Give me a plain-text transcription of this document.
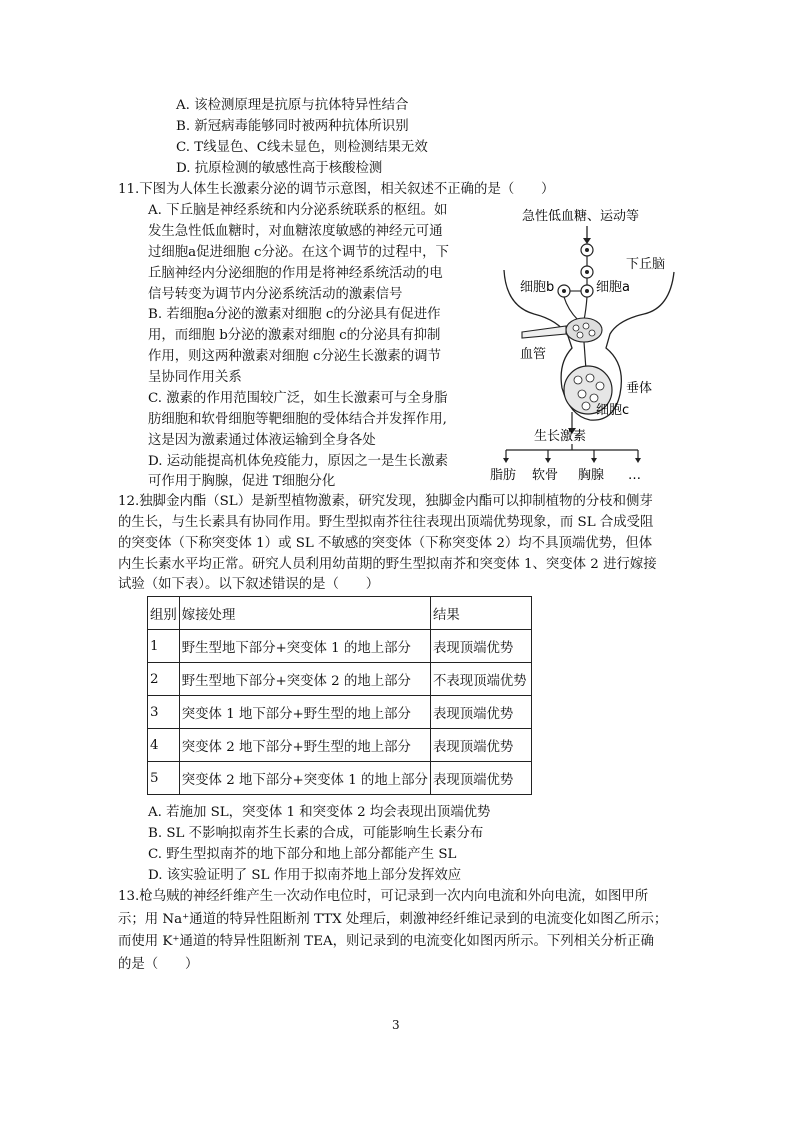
A. 该检测原理是抗原与抗体特异性结合
B. 新冠病毒能够同时被两种抗体所识别
C. T线显色、C线未显色，则检测结果无效
D. 抗原检测的敏感性高于核酸检测
11.下图为人体生长激素分泌的调节示意图，相关叙述不正确的是（　　）
A. 下丘脑是神经系统和内分泌系统联系的枢纽。如
发生急性低血糖时，对血糖浓度敏感的神经元可通
过细胞a促进细胞 c分泌。在这个调节的过程中，下
丘脑神经内分泌细胞的作用是将神经系统活动的电
信号转变为调节内分泌系统活动的激素信号
B. 若细胞a分泌的激素对细胞 c的分泌具有促进作
用，而细胞 b分泌的激素对细胞 c的分泌具有抑制
作用，则这两种激素对细胞 c分泌生长激素的调节
呈协同作用关系
C. 激素的作用范围较广泛，如生长激素可与全身脂
肪细胞和软骨细胞等靶细胞的受体结合并发挥作用,
这是因为激素通过体液运输到全身各处
D. 运动能提高机体免疫能力，原因之一是生长激素
可作用于胸腺，促进 T细胞分化
急性低血糖、运动等
下丘脑
细胞b	细胞a
血管
垂体
细胞c
生长激素
脂肪 软骨 胸腺 …
12.独脚金内酯（SL）是新型植物激素，研究发现，独脚金内酯可以抑制植物的分枝和侧芽
的生长，与生长素具有协同作用。野生型拟南芥往往表现出顶端优势现象，而 SL 合成受阻
的突变体（下称突变体 1）或 SL 不敏感的突变体（下称突变体 2）均不具顶端优势，但体
内生长素水平均正常。研究人员利用幼苗期的野生型拟南芥和突变体 1、突变体 2 进行嫁接
试验（如下表）。以下叙述错误的是（　　）
组别	嫁接处理	结果
1	野生型地下部分+突变体 1 的地上部分	表现顶端优势
2	野生型地下部分+突变体 2 的地上部分	不表现顶端优势
3	突变体 1 地下部分+野生型的地上部分	表现顶端优势
4	突变体 2 地下部分+野生型的地上部分	表现顶端优势
5	突变体 2 地下部分+突变体 1 的地上部分	表现顶端优势
A. 若施加 SL，突变体 1 和突变体 2 均会表现出顶端优势
B. SL 不影响拟南芥生长素的合成，可能影响生长素分布
C. 野生型拟南芥的地下部分和地上部分都能产生 SL
D. 该实验证明了 SL 作用于拟南芥地上部分发挥效应
13.枪乌贼的神经纤维产生一次动作电位时，可记录到一次内向电流和外向电流，如图甲所
示；用 Na⁺通道的特异性阻断剂 TTX 处理后，刺激神经纤维记录到的电流变化如图乙所示；
而使用 K⁺通道的特异性阻断剂 TEA，则记录到的电流变化如图丙所示。下列相关分析正确
的是（　　）
3
